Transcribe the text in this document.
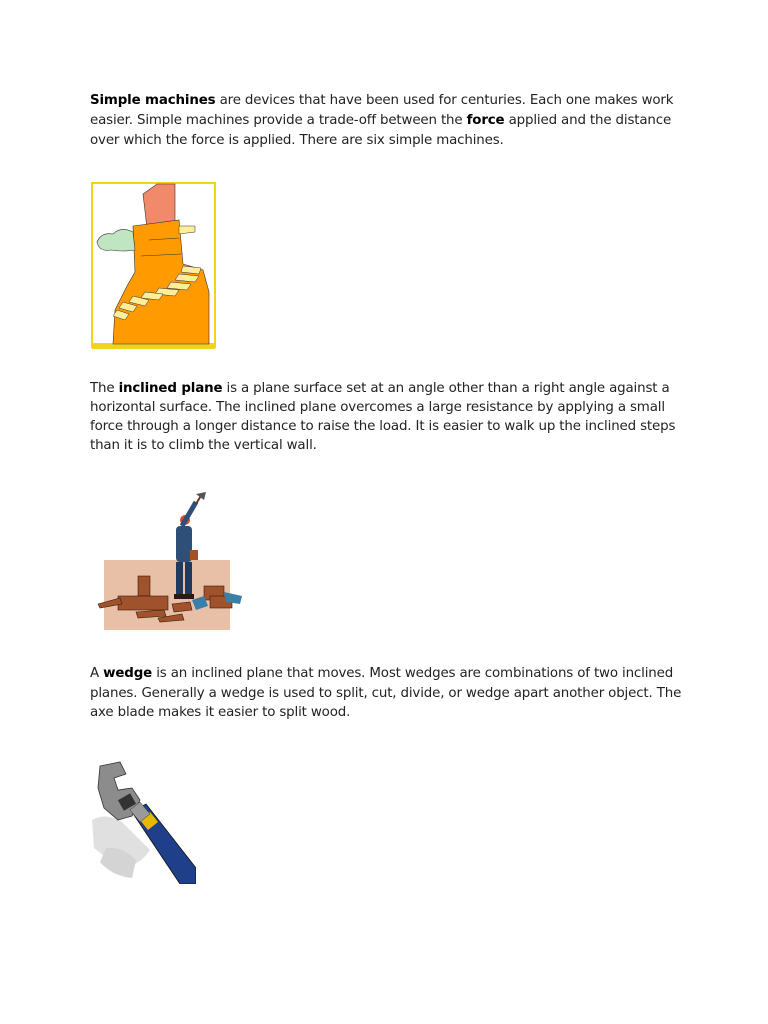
Simple machines are devices that have been used for centuries. Each one makes work easier. Simple machines provide a trade-off between the force applied and the distance over which the force is applied. There are six simple machines.

The inclined plane is a plane surface set at an angle other than a right angle against a horizontal surface. The inclined plane overcomes a large resistance by applying a small force through a longer distance to raise the load. It is easier to walk up the inclined steps than it is to climb the vertical wall.

A wedge is an inclined plane that moves. Most wedges are combinations of two inclined planes. Generally a wedge is used to split, cut, divide, or wedge apart another object. The axe blade makes it easier to split wood.
